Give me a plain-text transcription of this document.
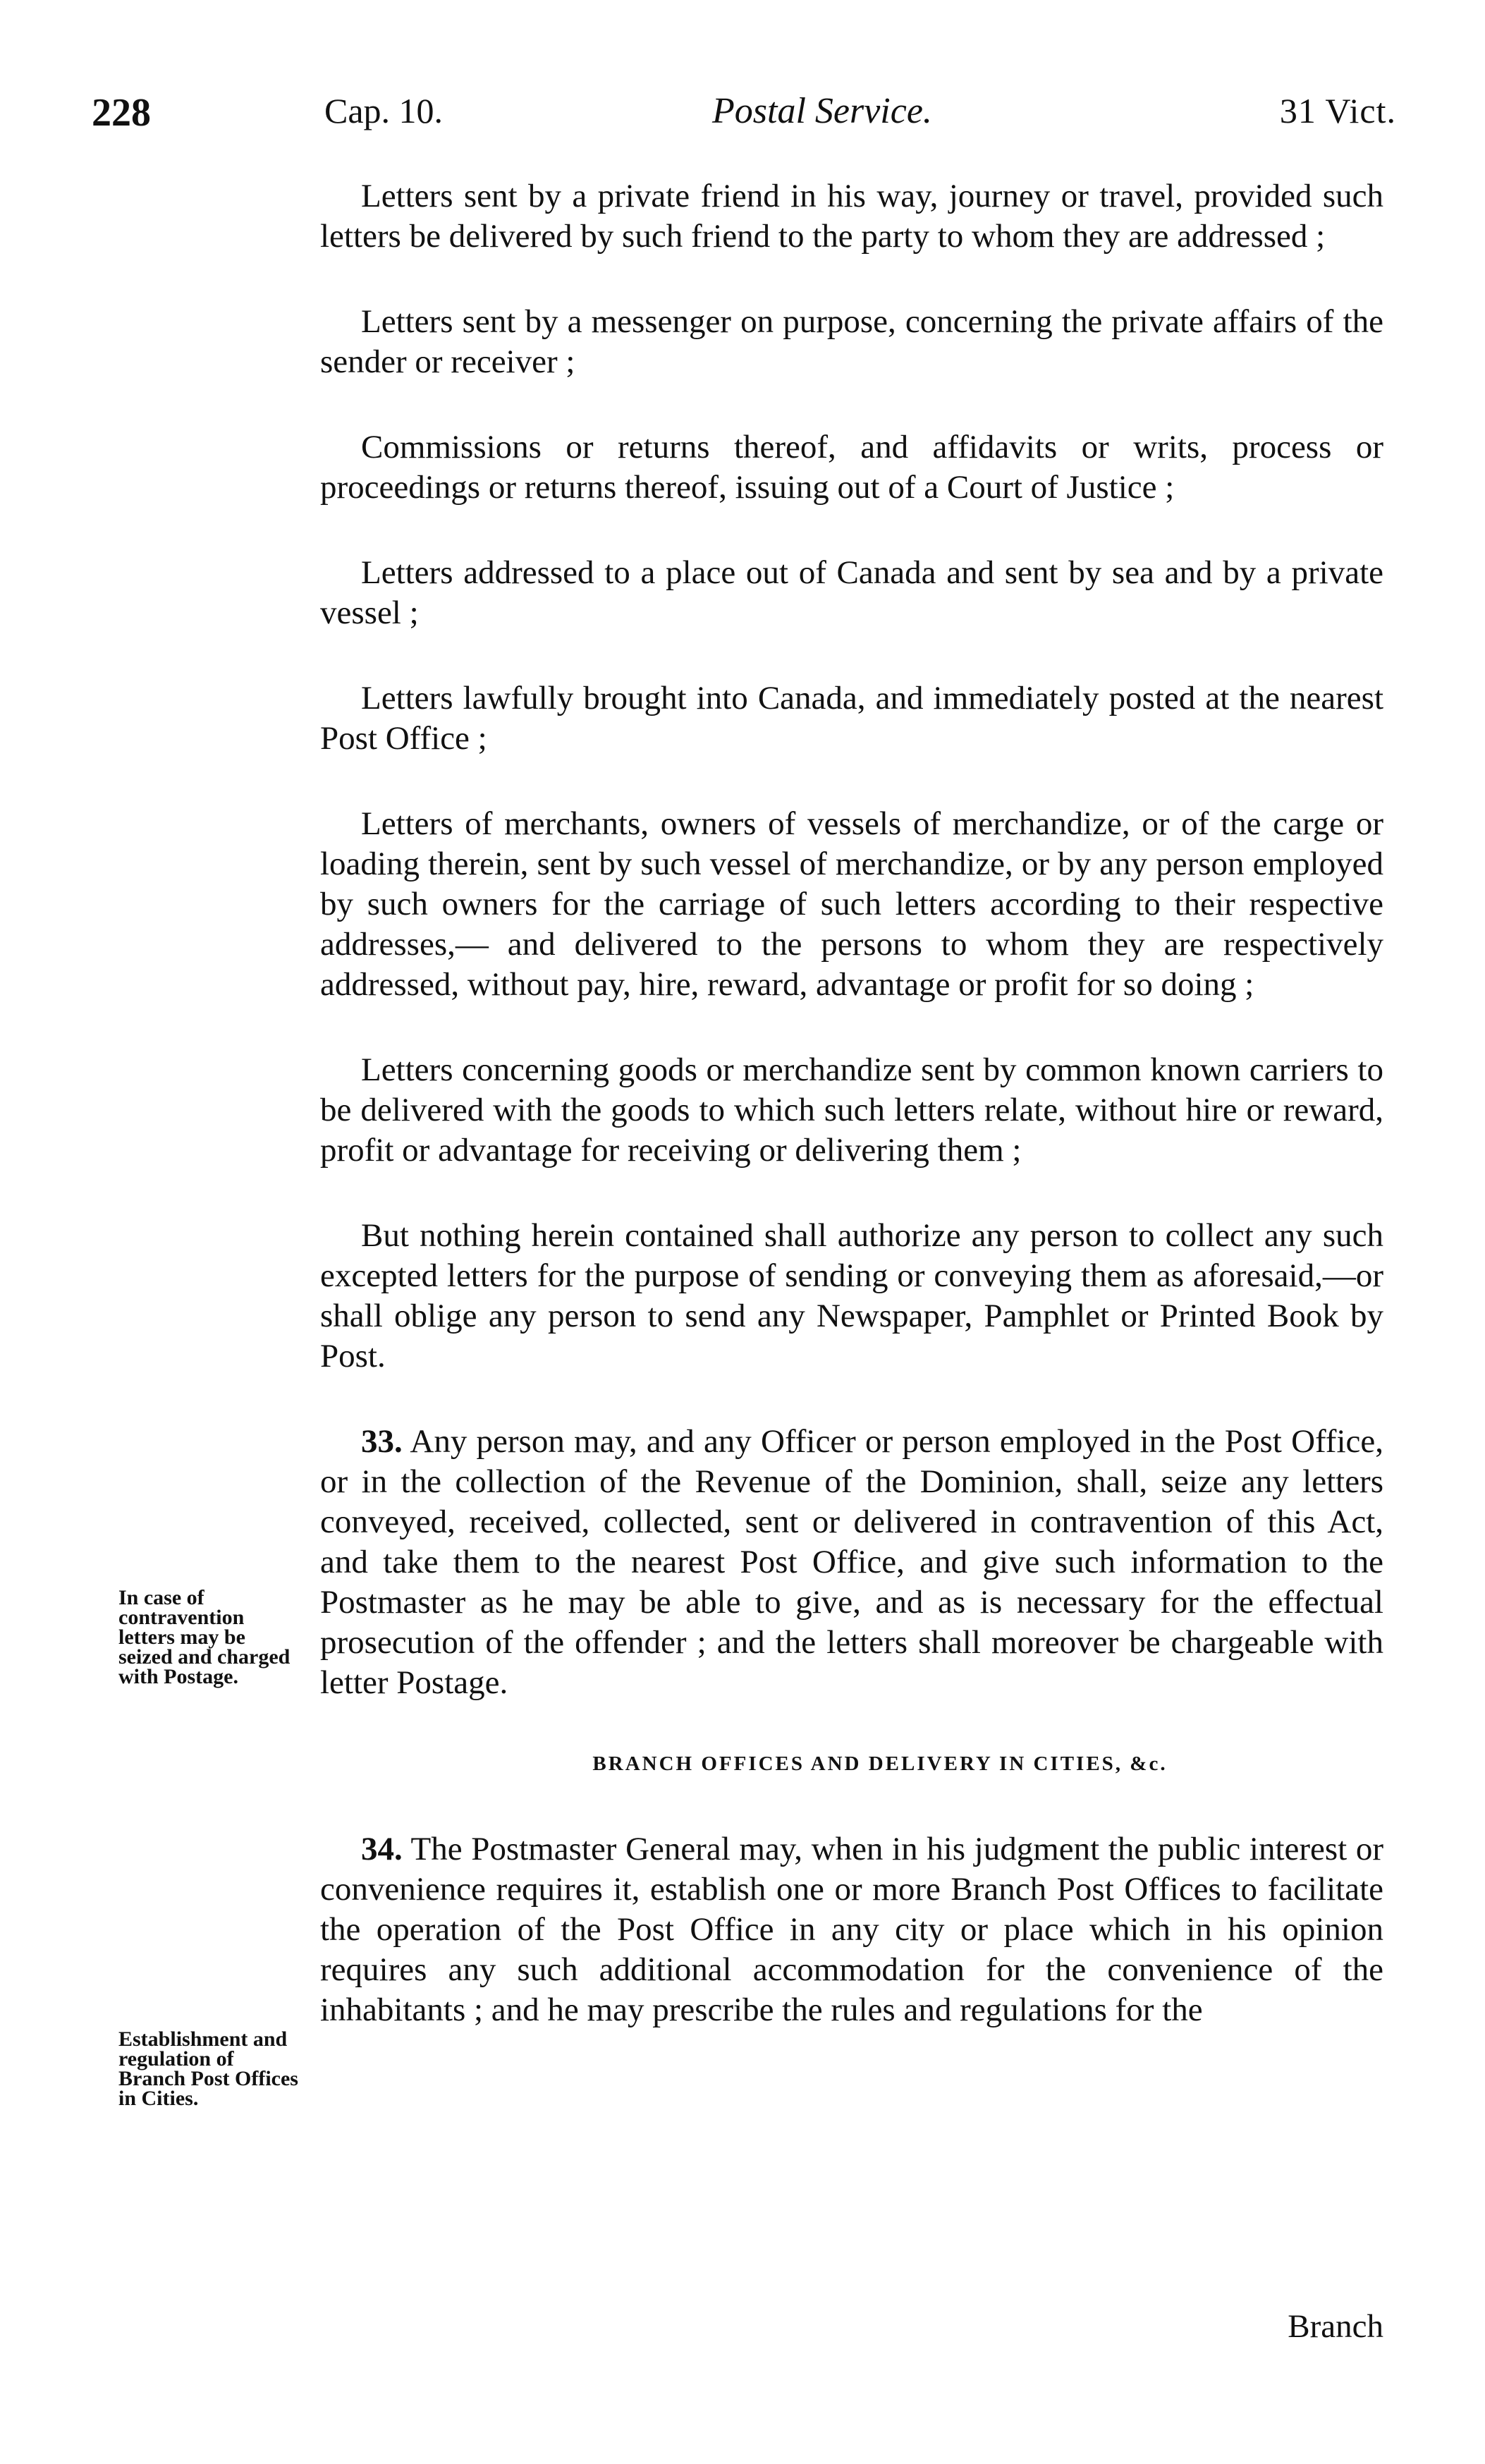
228	Cap. 10.	Postal Service.	31 Vict.

Letters sent by a private friend in his way, journey or travel, provided such letters be delivered by such friend to the party to whom they are addressed ;

Letters sent by a messenger on purpose, concerning the private affairs of the sender or receiver ;

Commissions or returns thereof, and affidavits or writs, process or proceedings or returns thereof, issuing out of a Court of Justice ;

Letters addressed to a place out of Canada and sent by sea and by a private vessel ;

Letters lawfully brought into Canada, and immediately posted at the nearest Post Office ;

Letters of merchants, owners of vessels of merchandize, or of the carge or loading therein, sent by such vessel of merchandize, or by any person employed by such owners for the carriage of such letters according to their respective addresses,— and delivered to the persons to whom they are respectively addressed, without pay, hire, reward, advantage or profit for so doing ;

Letters concerning goods or merchandize sent by common known carriers to be delivered with the goods to which such letters relate, without hire or reward, profit or advantage for receiving or delivering them ;

But nothing herein contained shall authorize any person to collect any such excepted letters for the purpose of sending or conveying them as aforesaid,—or shall oblige any person to send any Newspaper, Pamphlet or Printed Book by Post.

33. Any person may, and any Officer or person employed in the Post Office, or in the collection of the Revenue of the Dominion, shall, seize any letters conveyed, received, collected, sent or delivered in contravention of this Act, and take them to the nearest Post Office, and give such information to the Postmaster as he may be able to give, and as is necessary for the effectual prosecution of the offender ; and the letters shall moreover be chargeable with letter Postage.

BRANCH OFFICES AND DELIVERY IN CITIES, &c.

34. The Postmaster General may, when in his judgment the public interest or convenience requires it, establish one or more Branch Post Offices to facilitate the operation of the Post Office in any city or place which in his opinion requires any such additional accommodation for the convenience of the inhabitants ; and he may prescribe the rules and regulations for the

In case of contravention letters may be seized and charged with Postage.
Establishment and regulation of Branch Post Offices in Cities.
Branch
